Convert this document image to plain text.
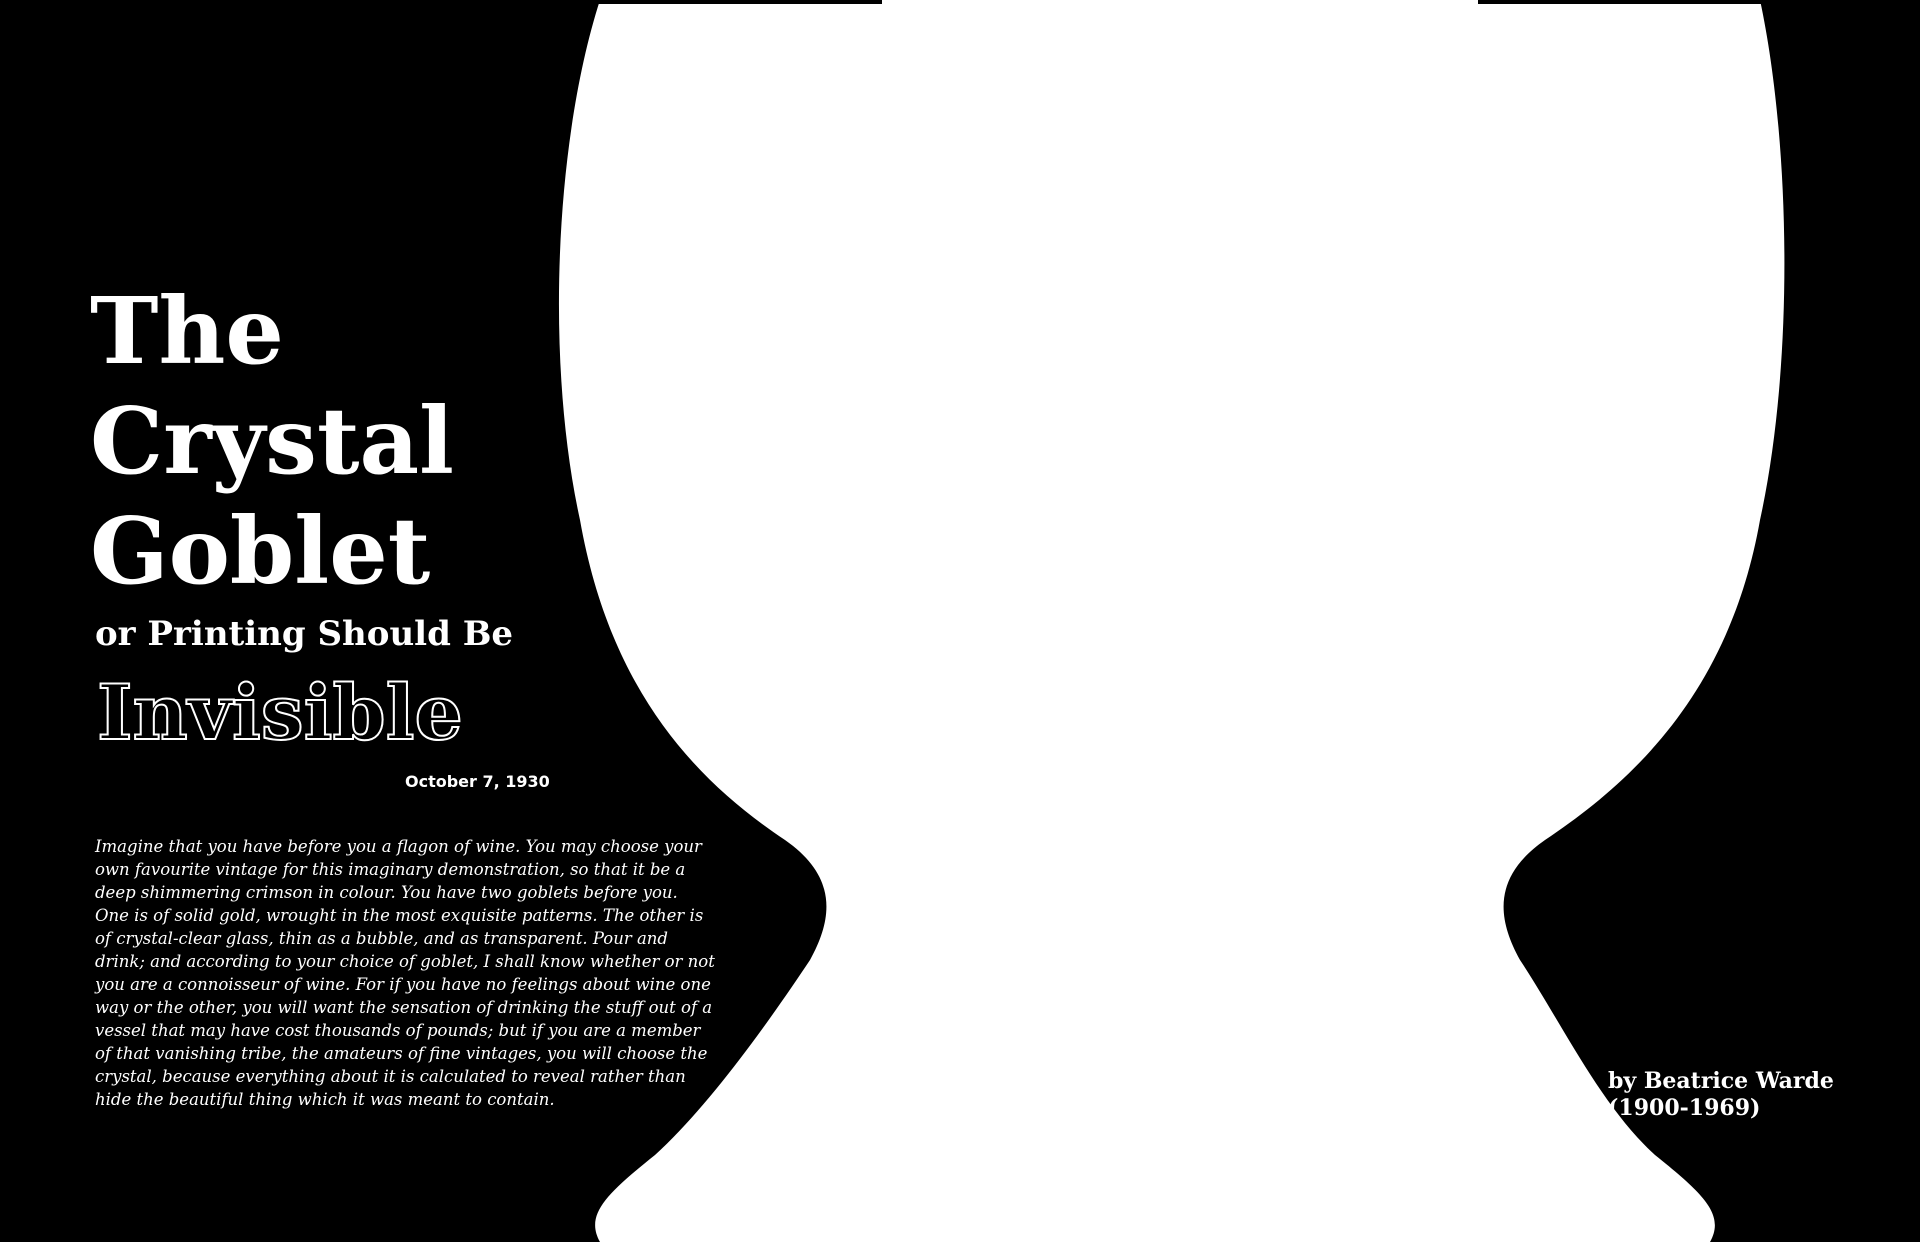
The
Crystal
Goblet
or Printing Should Be
Invisible
October 7, 1930

Imagine that you have before you a flagon of wine. You may choose your own favourite vintage for this imaginary demonstration, so that it be a deep shimmering crimson in colour. You have two goblets before you. One is of solid gold, wrought in the most exquisite patterns. The other is of crystal-clear glass, thin as a bubble, and as transparent. Pour and drink; and according to your choice of goblet, I shall know whether or not you are a connoisseur of wine. For if you have no feelings about wine one way or the other, you will want the sensation of drinking the stuff out of a vessel that may have cost thousands of pounds; but if you are a member of that vanishing tribe, the amateurs of fine vintages, you will choose the crystal, because everything about it is calculated to reveal rather than hide the beautiful thing which it was meant to contain.

by Beatrice Warde
(1900-1969)
